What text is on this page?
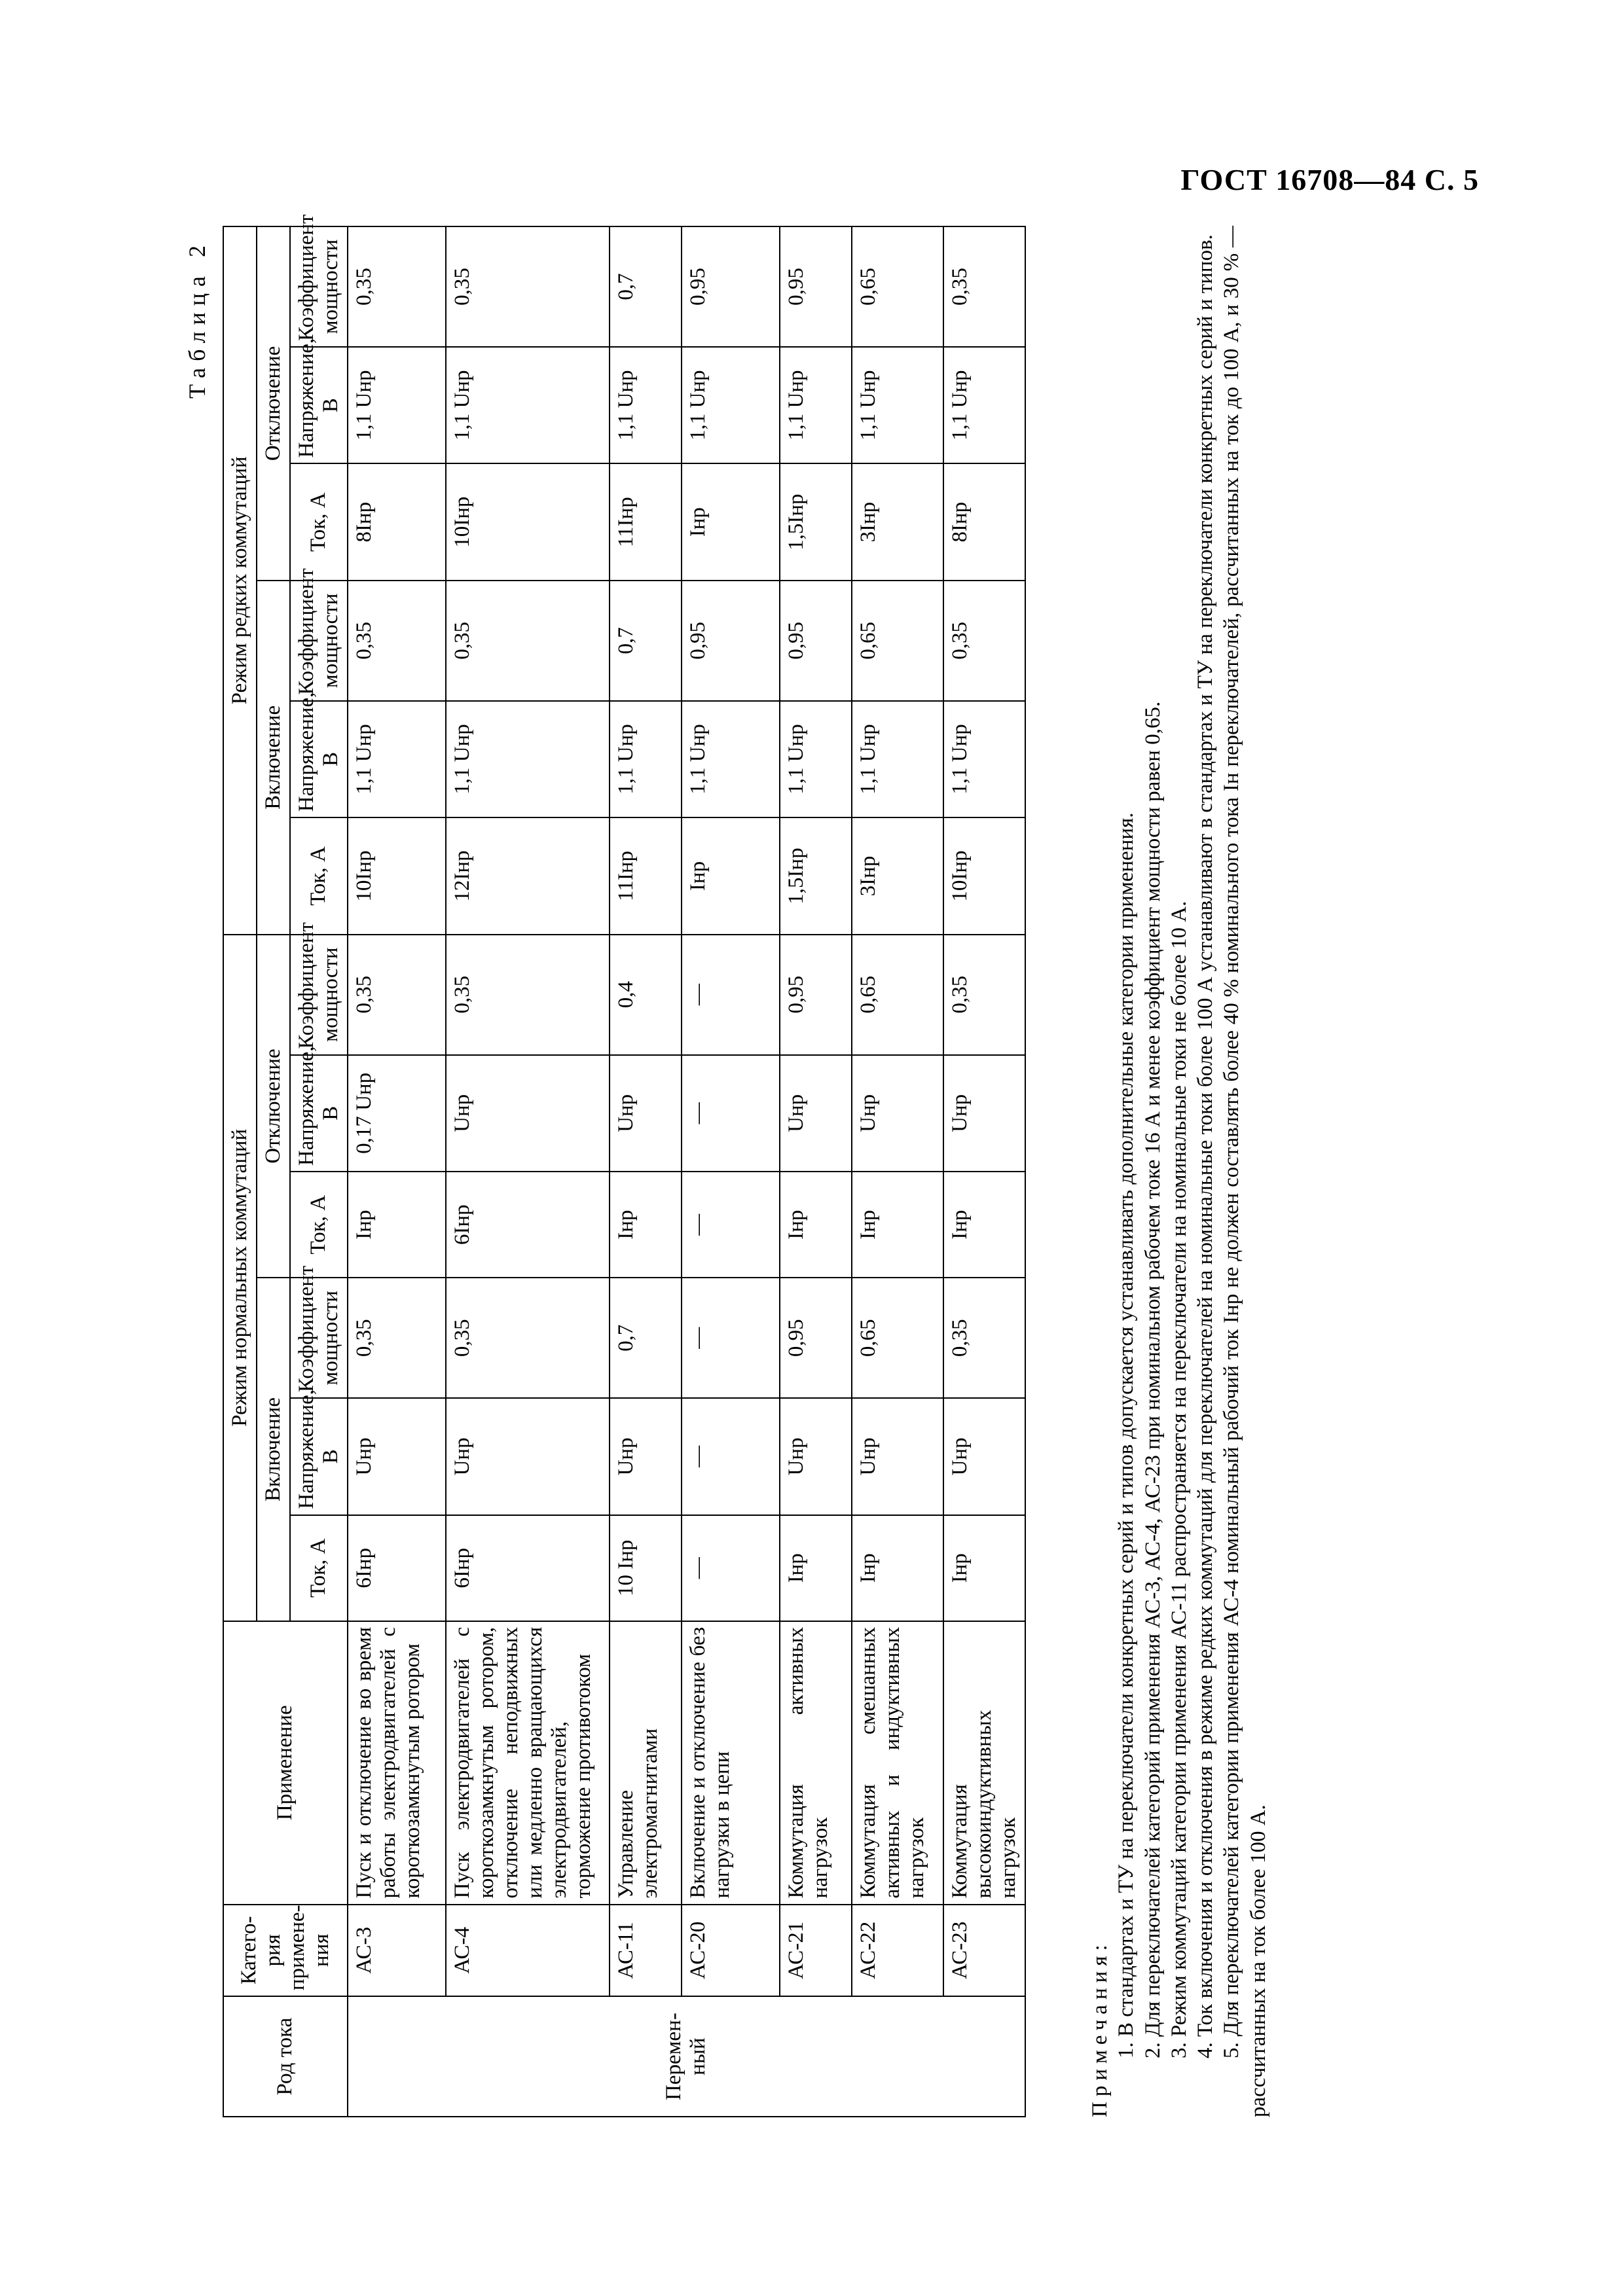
ГОСТ 16708—84 С. 5
Таблица 2
Род тока	Катего-рия примене-ния	Применение	Режим нормальных коммутаций						Режим редких коммутаций					
			Включение			Отключение			Включение			Отключение		
			Ток, А	Напряжение, В	Коэффициент мощности	Ток, А	Напряжение, В	Коэффициент мощности	Ток, А	Напряжение, В	Коэффициент мощности	Ток, А	Напряжение, В	Коэффициент мощности
Перемен-ный	АС-3	Пуск и отключение во время работы электродвигателей с короткозамкнутым ротором	6Iнр	Uнр	0,35	Iнр	0,17 Uнр	0,35	10Iнр	1,1 Uнр	0,35	8Iнр	1,1 Uнр	0,35
	АС-4	Пуск электродвигателей с короткозамкнутым ротором, отключение неподвижных или медленно вращающихся электродвигателей, торможение противотоком	6Iнр	Uнр	0,35	6Iнр	Uнр	0,35	12Iнр	1,1 Uнр	0,35	10Iнр	1,1 Uнр	0,35
	АС-11	Управление электромагнитами	10 Iнр	Uнр	0,7	Iнр	Uнр	0,4	11Iнр	1,1 Uнр	0,7	11Iнр	1,1 Uнр	0,7
	АС-20	Включение и отключение без нагрузки в цепи	—	—	—	—	—	—	Iнр	1,1 Uнр	0,95	Iнр	1,1 Uнр	0,95
	АС-21	Коммутация активных нагрузок	Iнр	Uнр	0,95	Iнр	Uнр	0,95	1,5Iнр	1,1 Uнр	0,95	1,5Iнр	1,1 Uнр	0,95
	АС-22	Коммутация смешанных активных и индуктивных нагрузок	Iнр	Uнр	0,65	Iнр	Uнр	0,65	3Iнр	1,1 Uнр	0,65	3Iнр	1,1 Uнр	0,65
	АС-23	Коммутация высокоиндуктивных нагрузок	Iнр	Uнр	0,35	Iнр	Uнр	0,35	10Iнр	1,1 Uнр	0,35	8Iнр	1,1 Uнр	0,35

Примечания: 1. В стандартах и ТУ на переключатели конкретных серий и типов допускается устанавливать дополнительные категории применения. 2. Для переключателей категорий применения АС-3, АС-4, АС-23 при номинальном рабочем токе 16 А и менее коэффициент мощности равен 0,65. 3. Режим коммутаций категории применения АС-11 распространяется на переключатели на номинальные токи не более 10 А. 4. Ток включения и отключения в режиме редких коммутаций для переключателей на номинальные токи более 100 А устанавливают в стандартах и ТУ на переключатели конкретных серий и типов. 5. Для переключателей категории применения АС-4 номинальный рабочий ток Iнр не должен составлять более 40 % номинального тока Iн переключателей, рассчитанных на ток до 100 А, и 30 % — рассчитанных на ток более 100 А.
